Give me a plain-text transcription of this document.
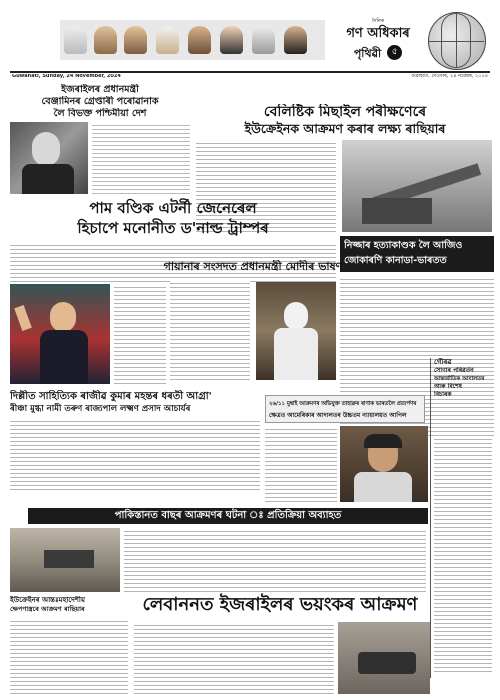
দৈনিক
গণ অধিকাৰ
পৃথিৱী	৫
Guwahati, Sunday, 24 November, 2024	গুৱাহাটী, দেওবাৰ, ২৪ নৱেম্বৰ, ২০২৪
ইজৰাইলৰ প্ৰধানমন্ত্ৰী
বেঞ্জামিনৰ গ্ৰেপ্তাৰী পৰোৱানাক
লৈ বিভক্ত পশ্চিমীয়া দেশ	বেলিষ্টিক মিছাইল পৰীক্ষণেৰে
ইউক্ৰেইনক আক্ৰমণ কৰাৰ লক্ষ্য ৰাছিয়াৰ
পাম বণ্ডিক এটৰ্নী জেনেৰেল
হিচাপে মনোনীত ড'নাল্ড ট্ৰাম্পৰ
নিজ্জাৰ হত্যাকাণ্ডক লৈ আজিও
জোকাৰণি কানাডা-ভাৰতত
গায়ানাৰ সংসদত প্ৰধানমন্ত্ৰী মোদীৰ ভাষণ
দিল্লীত সাহিত্যিক ৰাজীৱ কুমাৰ মহন্তৰ ধৰতী আগ্ৰা'
ৰীঞ্চা মুগ্ধা নামী তৰুণ ৰাজ্যপাল লক্ষ্মণ প্ৰসাদ আচাৰ্যৰ	২৬/১১ মুম্বাই আক্ৰমণৰ অভিযুক্ত তাহাৱুৰ ৰাণাক ভাৰতলৈ প্ৰত্যৰ্পণৰ
ক্ষেত্ৰত আমেৰিকাৰ আদালতৰ উচ্চতম ন্যায়ালয়ত আপিল
গৌৰৱ
সোণাৰ পৰিৱৰ্তন
আন্তৰ্জাতিক আদালতৰ
আৰু বিশেষ
বিচাৰক
পাকিস্তানত বাছৰ আক্ৰমণৰ ঘটনা ঃ প্ৰতিক্ৰিয়া অব্যাহত
লেবাননত ইজৰাইলৰ ভয়ংকৰ আক্ৰমণ
ইউক্ৰেইনৰ আন্তঃমহাদেশীয়
ক্ষেপণাস্ত্ৰৰে আক্ৰমণ ৰাছিয়াৰ
